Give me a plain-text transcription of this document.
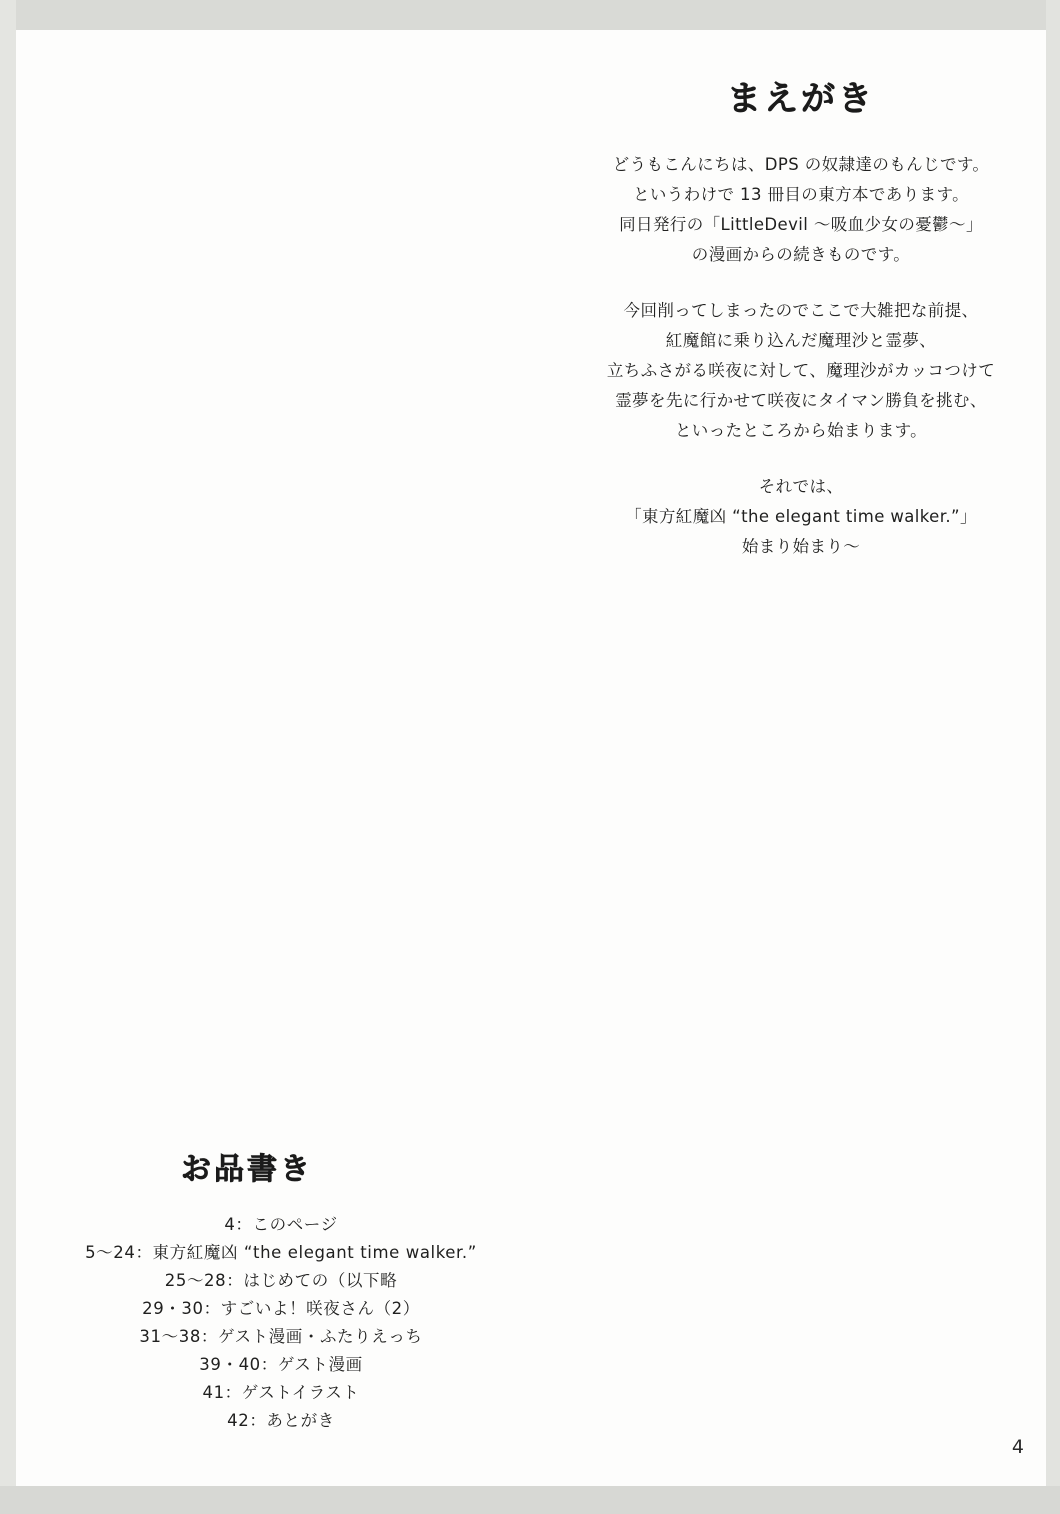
まえがき
どうもこんにちは、DPS の奴隷達のもんじです。
というわけで 13 冊目の東方本であります。
同日発行の「LittleDevil ～吸血少女の憂鬱～」
の漫画からの続きものです。
今回削ってしまったのでここで大雑把な前提、
紅魔館に乗り込んだ魔理沙と霊夢、
立ちふさがる咲夜に対して、魔理沙がカッコつけて
霊夢を先に行かせて咲夜にタイマン勝負を挑む、
といったところから始まります。
それでは、
「東方紅魔凶 “the elegant time walker.”」
始まり始まり～
お品書き
4：このページ
5～24：東方紅魔凶 “the elegant time walker.”
25～28：はじめての（以下略
29・30：すごいよ！咲夜さん（2）
31～38：ゲスト漫画・ふたりえっち
39・40：ゲスト漫画
41：ゲストイラスト
42：あとがき
4
